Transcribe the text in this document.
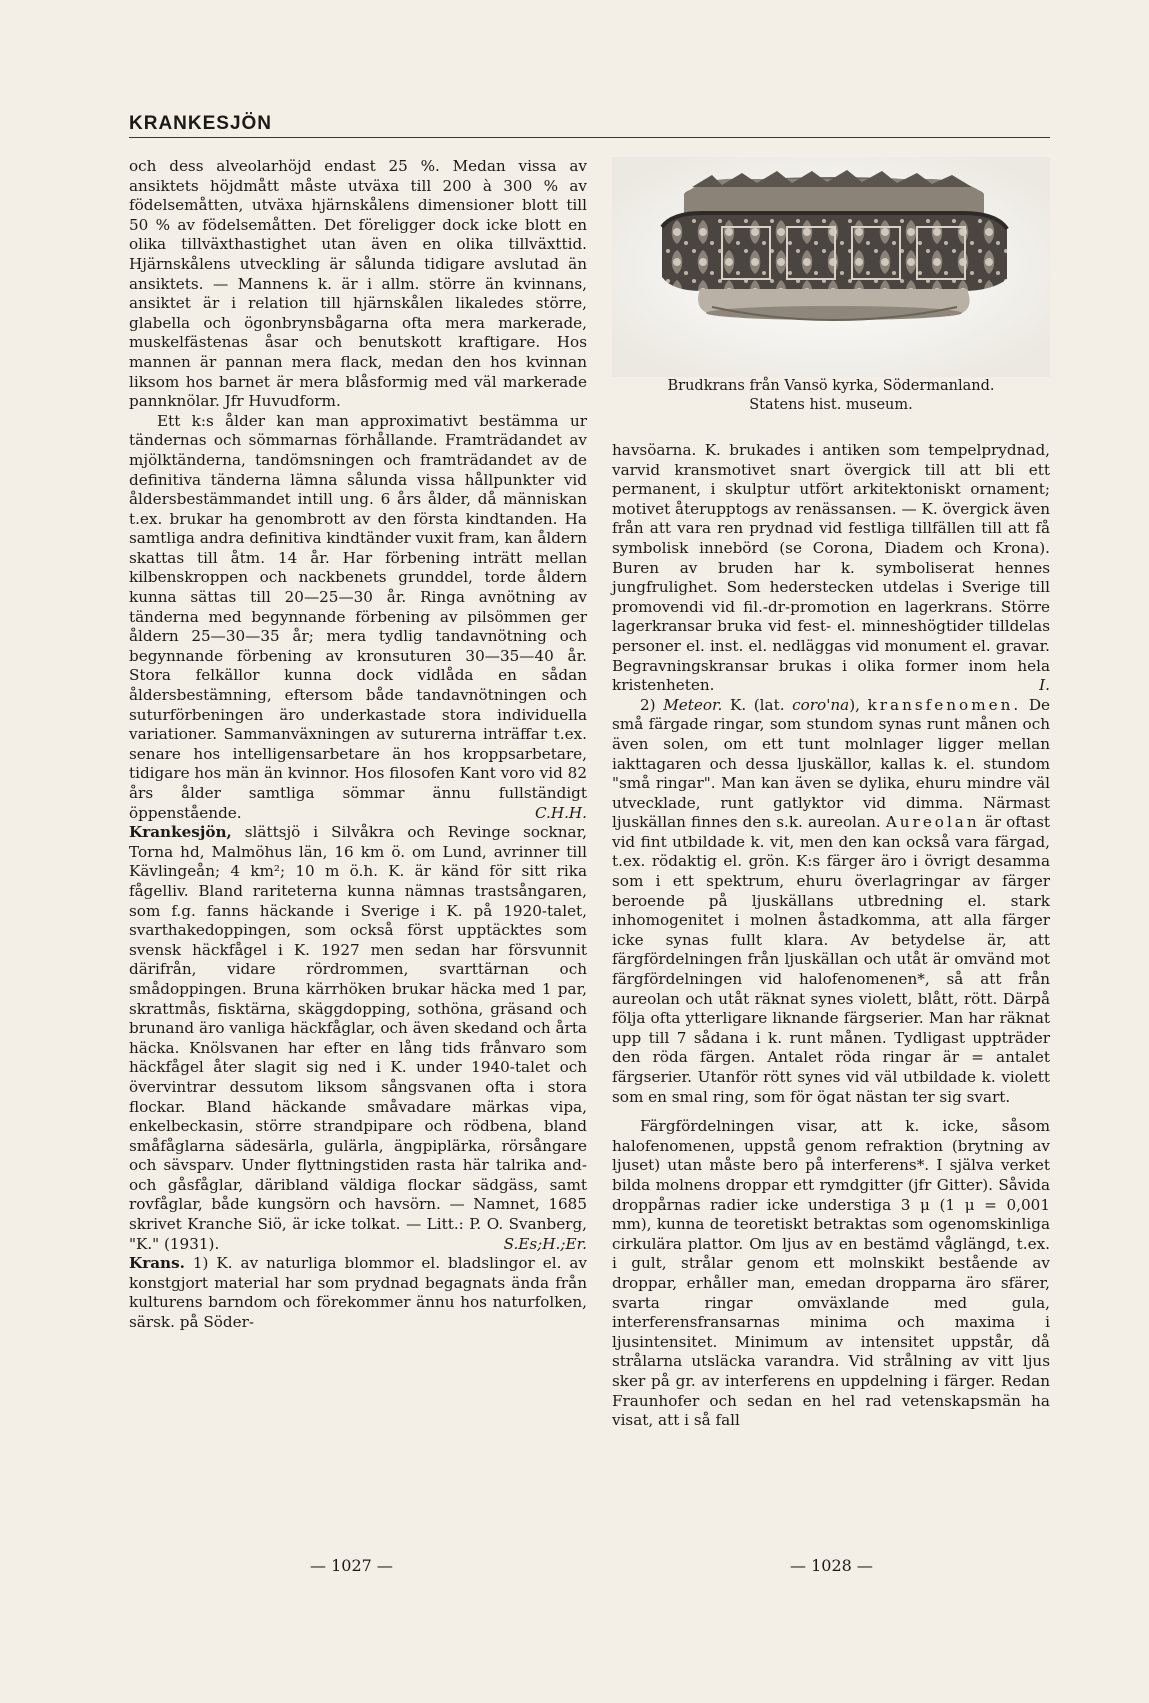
KRANKESJÖN

och dess alveolarhöjd endast 25 %. Medan vissa av ansiktets höjdmått måste utväxa till 200 à 300 % av födelsemåtten, utväxa hjärnskålens dimensioner blott till 50 % av födelsemåtten. Det föreligger dock icke blott en olika tillväxthastighet utan även en olika tillväxttid. Hjärnskålens utveckling är sålunda tidigare avslutad än ansiktets. — Mannens k. är i allm. större än kvinnans, ansiktet är i relation till hjärnskålen likaledes större, glabella och ögonbrynsbågarna ofta mera markerade, muskelfästenas åsar och benutskott kraftigare. Hos mannen är pannan mera flack, medan den hos kvinnan liksom hos barnet är mera blåsformig med väl markerade pannknölar. Jfr Huvudform.

Ett k:s ålder kan man approximativt bestämma ur tändernas och sömmarnas förhållande. Framträdandet av mjölktänderna, tandömsningen och framträdandet av de definitiva tänderna lämna sålunda vissa hållpunkter vid åldersbestämmandet intill ung. 6 års ålder, då människan t.ex. brukar ha genombrott av den första kindtanden. Ha samtliga andra definitiva kindtänder vuxit fram, kan åldern skattas till åtm. 14 år. Har förbening inträtt mellan kilbenskroppen och nackbenets grunddel, torde åldern kunna sättas till 20—25—30 år. Ringa avnötning av tänderna med begynnande förbening av pilsömmen ger åldern 25—30—35 år; mera tydlig tandavnötning och begynnande förbening av kronsuturen 30—35—40 år. Stora felkällor kunna dock vidlåda en sådan åldersbestämning, eftersom både tandavnötningen och suturförbeningen äro underkastade stora individuella variationer. Sammanväxningen av suturerna inträffar t.ex. senare hos intelligensarbetare än hos kroppsarbetare, tidigare hos män än kvinnor. Hos filosofen Kant voro vid 82 års ålder samtliga sömmar ännu fullständigt öppenstående.	C.H.H.

Krankesjön, slättsjö i Silvåkra och Revinge socknar, Torna hd, Malmöhus län, 16 km ö. om Lund, avrinner till Kävlingeån; 4 km²; 10 m ö.h. K. är känd för sitt rika fågelliv. Bland rariteterna kunna nämnas trastsångaren, som f.g. fanns häckande i Sverige i K. på 1920-talet, svarthakedoppingen, som också först upptäcktes som svensk häckfågel i K. 1927 men sedan har försvunnit därifrån, vidare rördrommen, svarttärnan och smådoppingen. Bruna kärrhöken brukar häcka med 1 par, skrattmås, fisktärna, skäggdopping, sothöna, gräsand och brunand äro vanliga häckfåglar, och även skedand och årta häcka. Knölsvanen har efter en lång tids frånvaro som häckfågel åter slagit sig ned i K. under 1940-talet och övervintrar dessutom liksom sångsvanen ofta i stora flockar. Bland häckande småvadare märkas vipa, enkelbeckasin, större strandpipare och rödbena, bland småfåglarna sädesärla, gulärla, ängpiplärka, rörsångare och sävsparv. Under flyttningstiden rasta här talrika and- och gåsfåglar, däribland väldiga flockar sädgäss, samt rovfåglar, både kungsörn och havsörn. — Namnet, 1685 skrivet Kranche Siö, är icke tolkat. — Litt.: P. O. Svanberg, "K." (1931).	S.Es;H.;Er.

Krans. 1) K. av naturliga blommor el. bladslingor el. av konstgjort material har som prydnad begagnats ända från kulturens barndom och förekommer ännu hos naturfolken, särsk. på Söder-

Brudkrans från Vansö kyrka, Södermanland.
Statens hist. museum.

havsöarna. K. brukades i antiken som tempelprydnad, varvid kransmotivet snart övergick till att bli ett permanent, i skulptur utfört arkitektoniskt ornament; motivet återupptogs av renässansen. — K. övergick även från att vara ren prydnad vid festliga tillfällen till att få symbolisk innebörd (se Corona, Diadem och Krona). Buren av bruden har k. symboliserat hennes jungfrulighet. Som hederstecken utdelas i Sverige till promovendi vid fil.-dr-promotion en lagerkrans. Större lagerkransar bruka vid fest- el. minneshögtider tilldelas personer el. inst. el. nedläggas vid monument el. gravar. Begravningskransar brukas i olika former inom hela kristenheten.	I.

2) Meteor. K. (lat. coro'na), kransfenomen. De små färgade ringar, som stundom synas runt månen och även solen, om ett tunt molnlager ligger mellan iakttagaren och dessa ljuskällor, kallas k. el. stundom "små ringar". Man kan även se dylika, ehuru mindre väl utvecklade, runt gatlyktor vid dimma. Närmast ljuskällan finnes den s.k. aureolan. Aureolan är oftast vid fint utbildade k. vit, men den kan också vara färgad, t.ex. rödaktig el. grön. K:s färger äro i övrigt desamma som i ett spektrum, ehuru överlagringar av färger beroende på ljuskällans utbredning el. stark inhomogenitet i molnen åstadkomma, att alla färger icke synas fullt klara. Av betydelse är, att färgfördelningen från ljuskällan och utåt är omvänd mot färgfördelningen vid halofenomenen*, så att från aureolan och utåt räknat synes violett, blått, rött. Därpå följa ofta ytterligare liknande färgserier. Man har räknat upp till 7 sådana i k. runt månen. Tydligast uppträder den röda färgen. Antalet röda ringar är = antalet färgserier. Utanför rött synes vid väl utbildade k. violett som en smal ring, som för ögat nästan ter sig svart.

Färgfördelningen visar, att k. icke, såsom halofenomenen, uppstå genom refraktion (brytning av ljuset) utan måste bero på interferens*. I själva verket bilda molnens droppar ett rymdgitter (jfr Gitter). Såvida droppårnas radier icke understiga 3 μ (1 μ = 0,001 mm), kunna de teoretiskt betraktas som ogenomskinliga cirkulära plattor. Om ljus av en bestämd våglängd, t.ex. i gult, strålar genom ett molnskikt bestående av droppar, erhåller man, emedan dropparna äro sfärer, svarta ringar omväxlande med gula, interferensfransarnas minima och maxima i ljusintensitet. Minimum av intensitet uppstår, då strålarna utsläcka varandra. Vid strålning av vitt ljus sker på gr. av interferens en uppdelning i färger. Redan Fraunhofer och sedan en hel rad vetenskapsmän ha visat, att i så fall

— 1027 —	— 1028 —
